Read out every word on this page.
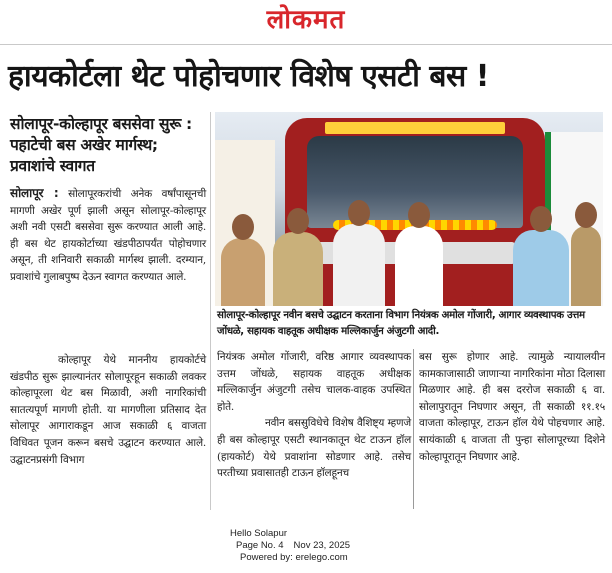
लोकमत
हायकोर्टला थेट पोहोचणार विशेष एसटी बस !
सोलापूर-कोल्हापूर बससेवा सुरू : पहाटेची बस अखेर मार्गस्थ; प्रवाशांचे स्वागत
सोलापूर : सोलापूरकरांची अनेक वर्षांपासूनची मागणी अखेर पूर्ण झाली असून सोलापूर-कोल्हापूर अशी नवी एसटी बससेवा सुरू करण्यात आली आहे. ही बस थेट हायकोर्टाच्या खंडपीठापर्यंत पोहोचणार असून, ती शनिवारी सकाळी मार्गस्थ झाली. दरम्यान, प्रवाशांचे गुलाबपुष्प देऊन स्वागत करण्यात आले.
कोल्हापूर येथे माननीय हायकोर्टचे खंडपीठ सुरू झाल्यानंतर सोलापूरहून सकाळी लवकर कोल्हापूरला थेट बस मिळावी, अशी नागरिकांची सातत्यपूर्ण मागणी होती. या मागणीला प्रतिसाद देत सोलापूर आगाराकडून आज सकाळी ६ वाजता विधिवत पूजन करून बसचे उद्घाटन करण्यात आले. उद्घाटनप्रसंगी विभाग
सोलापूर-कोल्हापूर नवीन बसचे उद्घाटन करताना विभाग नियंत्रक अमोल गोंजारी, आगार व्यवस्थापक उत्तम जोंधळे, सहायक वाहतूक अधीक्षक मल्लिकार्जुन अंजुटगी आदी.
नियंत्रक अमोल गोंजारी, वरिष्ठ आगार व्यवस्थापक उत्तम जोंधळे, सहायक वाहतूक अधीक्षक मल्लिकार्जुन अंजुटगी तसेच चालक-वाहक उपस्थित होते.
नवीन बससुविधेचे विशेष वैशिष्ट्य म्हणजे ही बस कोल्हापूर एसटी स्थानकातून थेट टाऊन हॉल (हायकोर्ट) येथे प्रवाशांना सोडणार आहे. तसेच परतीच्या प्रवासातही टाऊन हॉलहूनच
बस सुरू होणार आहे. त्यामुळे न्यायालयीन कामकाजासाठी जाणाऱ्या नागरिकांना मोठा दिलासा मिळणार आहे. ही बस दररोज सकाळी ६ वा. सोलापुरातून निघणार असून, ती सकाळी ११.१५ वाजता कोल्हापूर, टाऊन हॉल येथे पोहचणार आहे. सायंकाळी ६ वाजता ती पुन्हा सोलापूरच्या दिशेने कोल्हापूरातून निघणार आहे.
Hello Solapur
Page No. 4 Nov 23, 2025
Powered by: erelego.com
